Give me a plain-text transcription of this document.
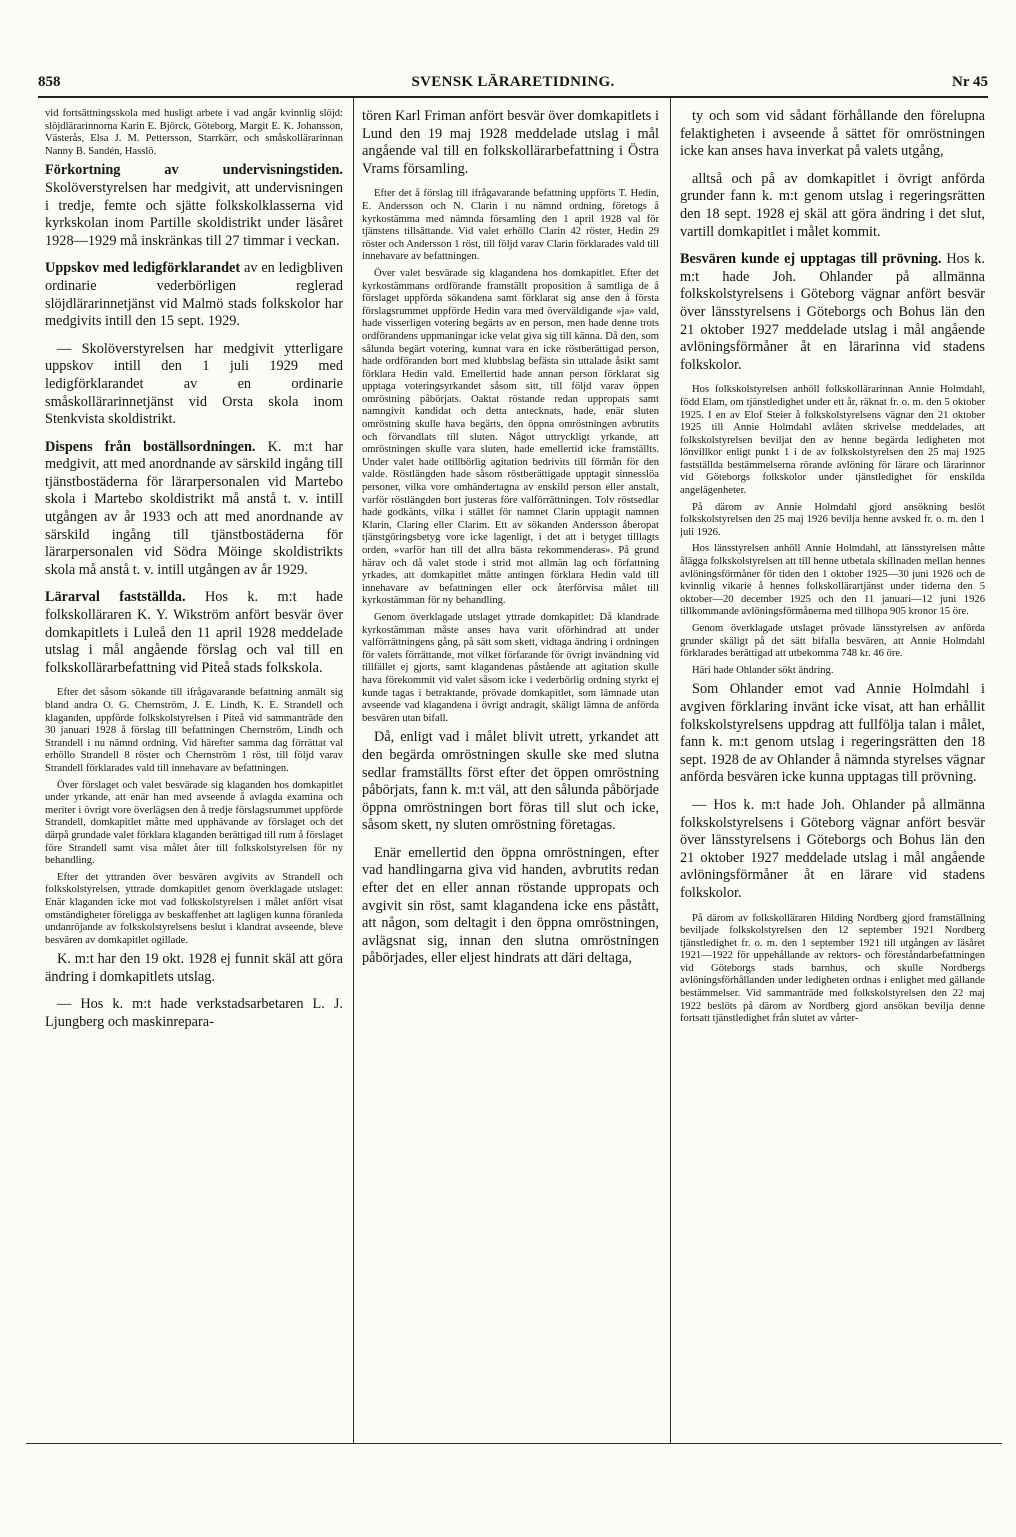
858	SVENSK LÄRARETIDNING.	Nr 45

vid fortsättningsskola med husligt arbete i vad angår kvinnlig slöjd: slöjdlärarinnorna Karin E. Björck, Göteborg, Margit E. K. Johansson, Västerås, Elsa J. M. Pettersson, Starrkärr, och småskollärarinnan Nanny B. Sandén, Hasslö.

Förkortning av undervisningstiden. Skolöverstyrelsen har medgivit, att undervisningen i tredje, femte och sjätte folkskolklasserna vid kyrkskolan inom Partille skoldistrikt under läsåret 1928—1929 må inskränkas till 27 timmar i veckan.

Uppskov med ledigförklarandet av en ledigbliven ordinarie vederbörligen reglerad slöjdlärarinnetjänst vid Malmö stads folkskolor har medgivits intill den 15 sept. 1929.

— Skolöverstyrelsen har medgivit ytterligare uppskov intill den 1 juli 1929 med ledigförklarandet av en ordinarie småskollärarinnetjänst vid Orsta skola inom Stenkvista skoldistrikt.

Dispens från boställsordningen. K. m:t har medgivit, att med anordnande av särskild ingång till tjänstbostäderna för lärarpersonalen vid Martebo skola i Martebo skoldistrikt må anstå t. v. intill utgången av år 1933 och att med anordnande av särskild ingång till tjänstbostäderna för lärarpersonalen vid Södra Möinge skoldistrikts skola må anstå t. v. intill utgången av år 1929.

Lärarval fastställda. Hos k. m:t hade folkskolläraren K. Y. Wikström anfört besvär över domkapitlets i Luleå den 11 april 1928 meddelade utslag i mål angående förslag och val till en folkskollärarbefattning vid Piteå stads folkskola.

Efter det såsom sökande till ifrågavarande befattning anmält sig bland andra O. G. Chernström, J. E. Lindh, K. E. Strandell och klaganden, uppförde folkskolstyrelsen i Piteå vid sammanträde den 30 januari 1928 å förslag till befattningen Chernström, Lindh och Strandell i nu nämnd ordning. Vid härefter samma dag förrättat val erhöllo Strandell 8 röster och Chernström 1 röst, till följd varav Strandell förklarades vald till innehavare av befattningen.

Över förslaget och valet besvärade sig klaganden hos domkapitlet under yrkande, att enär han med avseende å avlagda examina och meriter i övrigt vore överlägsen den å tredje förslagsrummet uppförde Strandell, domkapitlet måtte med upphävande av förslaget och det därpå grundade valet förklara klaganden berättigad till rum å förslaget före Strandell samt visa målet åter till folkskolstyrelsen för ny behandling.

Efter det yttranden över besvären avgivits av Strandell och folkskolstyrelsen, yttrade domkapitlet genom överklagade utslaget: Enär klaganden icke mot vad folkskolstyrelsen i målet anfört visat omständigheter föreligga av beskaffenhet att lagligen kunna föranleda undanröjande av folkskolstyrelsens beslut i klandrat avseende, bleve besvären av domkapitlet ogillade.

K. m:t har den 19 okt. 1928 ej funnit skäl att göra ändring i domkapitlets utslag.

— Hos k. m:t hade verkstadsarbetaren L. J. Ljungberg och maskinrepara-

tören Karl Friman anfört besvär över domkapitlets i Lund den 19 maj 1928 meddelade utslag i mål angående val till en folkskollärarbefattning i Östra Vrams församling.

Efter det å förslag till ifrågavarande befattning uppförts T. Hedin, E. Andersson och N. Clarin i nu nämnd ordning, företogs å kyrkostämma med nämnda församling den 1 april 1928 val för tjänstens tillsättande. Vid valet erhöllo Clarin 42 röster, Hedin 29 röster och Andersson 1 röst, till följd varav Clarin förklarades vald till innehavare av befattningen.

Över valet besvärade sig klagandena hos domkapitlet. Efter det kyrkostämmans ordförande framställt proposition å samtliga de å förslaget uppförda sökandena samt förklarat sig anse den å första förslagsrummet uppförde Hedin vara med överväldigande »ja» vald, hade visserligen votering begärts av en person, men hade denne trots ordförandens uppmaningar icke velat giva sig till känna. Då den, som sålunda begärt votering, kunnat vara en icke röstberättigad person, hade ordföranden bort med klubbslag befästa sin uttalade åsikt samt förklara Hedin vald. Emellertid hade annan person förklarat sig upptaga voteringsyrkandet såsom sitt, till följd varav öppen omröstning påbörjats. Oaktat röstande redan uppropats samt namngivit kandidat och detta antecknats, hade, enär sluten omröstning skulle hava begärts, den öppna omröstningen avbrutits och förvandlats till sluten. Något uttryckligt yrkande, att omröstningen skulle vara sluten, hade emellertid icke framställts. Under valet hade otillbörlig agitation bedrivits till förmån för den valde. Röstlängden hade såsom röstberättigade upptagit sinnesslöa personer, vilka vore omhändertagna av enskild person eller anstalt, varför röstlängden bort justeras före valförrättningen. Tolv röstsedlar hade godkänts, vilka i stället för namnet Clarin upptagit namnen Klarin, Claring eller Clarim. Ett av sökanden Andersson åberopat tjänstgöringsbetyg vore icke lagenligt, i det att i betyget tilllagts orden, »varför han till det allra bästa rekommenderas». På grund härav och då valet stode i strid mot allmän lag och författning yrkades, att domkapitlet måtte antingen förklara Hedin vald till innehavare av befattningen eller ock återförvisa målet till kyrkostämman för ny behandling.

Genom överklagade utslaget yttrade domkapitlet: Då klandrade kyrkostämman måste anses hava varit oförhindrad att under valförrättningens gång, på sätt som skett, vidtaga ändring i ordningen för valets förrättande, mot vilket förfarande för övrigt invändning vid tillfället ej gjorts, samt klagandenas påstående att agitation skulle hava förekommit vid valet såsom icke i vederbörlig ordning styrkt ej kunde tagas i betraktande, prövade domkapitlet, som lämnade utan avseende vad klagandena i övrigt andragit, skäligt lämna de anförda besvären utan bifall.

Då, enligt vad i målet blivit utrett, yrkandet att den begärda omröstningen skulle ske med slutna sedlar framställts först efter det öppen omröstning påbörjats, fann k. m:t väl, att den sålunda påbörjade öppna omröstningen bort föras till slut och icke, såsom skett, ny sluten omröstning företagas.

Enär emellertid den öppna omröstningen, efter vad handlingarna giva vid handen, avbrutits redan efter det en eller annan röstande uppropats och avgivit sin röst, samt klagandena icke ens påstått, att någon, som deltagit i den öppna omröstningen, avlägsnat sig, innan den slutna omröstningen påbörjades, eller eljest hindrats att däri deltaga,

ty och som vid sådant förhållande den förelupna felaktigheten i avseende å sättet för omröstningen icke kan anses hava inverkat på valets utgång,

alltså och på av domkapitlet i övrigt anförda grunder fann k. m:t genom utslag i regeringsrätten den 18 sept. 1928 ej skäl att göra ändring i det slut, vartill domkapitlet i målet kommit.

Besvären kunde ej upptagas till prövning. Hos k. m:t hade Joh. Ohlander på allmänna folkskolstyrelsens i Göteborg vägnar anfört besvär över länsstyrelsens i Göteborgs och Bohus län den 21 oktober 1927 meddelade utslag i mål angående avlöningsförmåner åt en lärarinna vid stadens folkskolor.

Hos folkskolstyrelsen anhöll folkskollärarinnan Annie Holmdahl, född Elam, om tjänstledighet under ett år, räknat fr. o. m. den 5 oktober 1925. I en av Elof Steier å folkskolstyrelsens vägnar den 21 oktober 1925 till Annie Holmdahl avlåten skrivelse meddelades, att folkskolstyrelsen beviljat den av henne begärda ledigheten mot lönvillkor enligt punkt 1 i de av folkskolstyrelsen den 25 maj 1925 fastställda bestämmelserna rörande avlöning för lärare och lärarinnor vid Göteborgs folkskolor under tjänstledighet för enskilda angelägenheter.

På därom av Annie Holmdahl gjord ansökning beslöt folkskolstyrelsen den 25 maj 1926 bevilja henne avsked fr. o. m. den 1 juli 1926.

Hos länsstyrelsen anhöll Annie Holmdahl, att länsstyrelsen måtte ålägga folkskolstyrelsen att till henne utbetala skillnaden mellan hennes avlöningsförmåner för tiden den 1 oktober 1925—30 juni 1926 och de kvinnlig vikarie å hennes folkskollärartjänst under tiderna den 5 oktober—20 december 1925 och den 11 januari—12 juni 1926 tillkommande avlöningsförmånerna med tillhopa 905 kronor 15 öre.

Genom överklagade utslaget prövade länsstyrelsen av anförda grunder skäligt på det sätt bifalla besvären, att Annie Holmdahl förklarades berättigad att utbekomma 748 kr. 46 öre.

Häri hade Ohlander sökt ändring.

Som Ohlander emot vad Annie Holmdahl i avgiven förklaring invänt icke visat, att han erhållit folkskolstyrelsens uppdrag att fullfölja talan i målet, fann k. m:t genom utslag i regeringsrätten den 18 sept. 1928 de av Ohlander å nämnda styrelses vägnar anförda besvären icke kunna upptagas till prövning.

— Hos k. m:t hade Joh. Ohlander på allmänna folkskolstyrelsens i Göteborg vägnar anfört besvär över länsstyrelsens i Göteborgs och Bohus län den 21 oktober 1927 meddelade utslag i mål angående avlöningsförmåner åt en lärare vid stadens folkskolor.

På därom av folkskolläraren Hilding Nordberg gjord framställning beviljade folkskolstyrelsen den 12 september 1921 Nordberg tjänstledighet fr. o. m. den 1 september 1921 till utgången av läsåret 1921—1922 för uppehållande av rektors- och föreståndarbefattningen vid Göteborgs stads barnhus, och skulle Nordbergs avlöningsförhållanden under ledigheten ordnas i enlighet med gällande bestämmelser. Vid sammanträde med folkskolstyrelsen den 22 maj 1922 beslöts på därom av Nordberg gjord ansökan bevilja denne fortsatt tjänstledighet från slutet av vårter-
